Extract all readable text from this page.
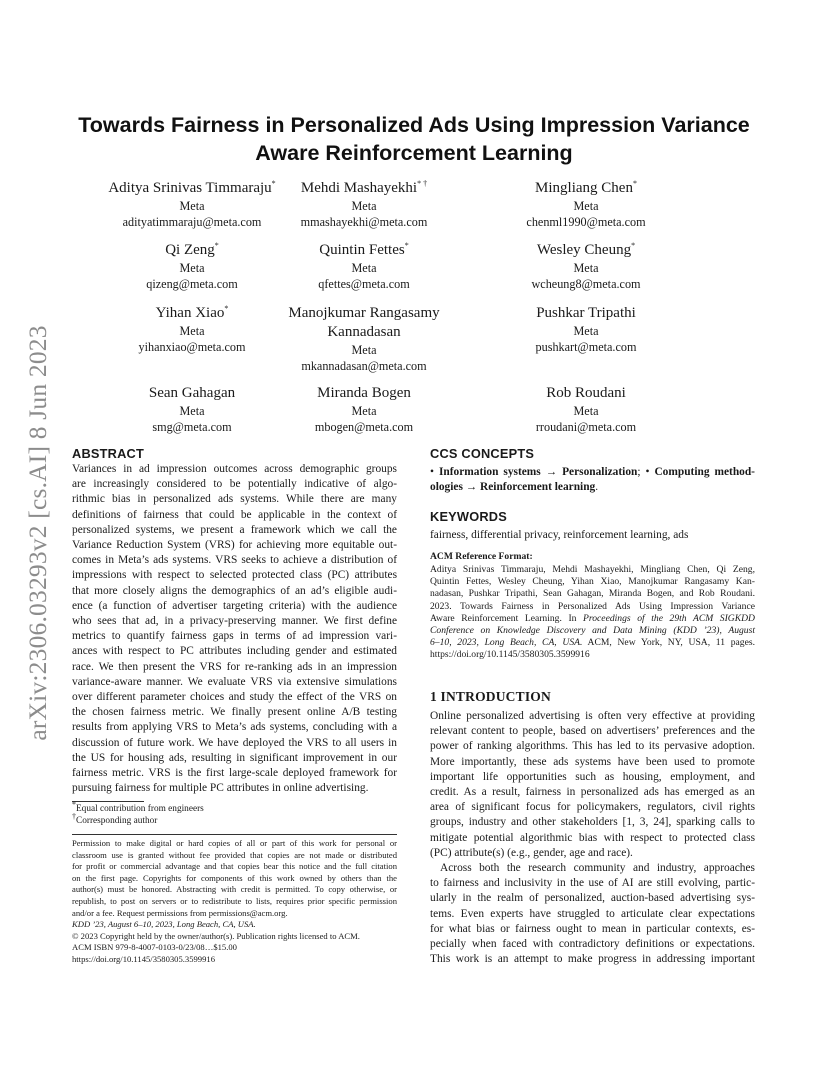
arXiv:2306.03293v2 [cs.AI] 8 Jun 2023
Towards Fairness in Personalized Ads Using Impression Variance
Aware Reinforcement Learning
Aditya Srinivas Timmaraju*
Meta
adityatimmaraju@meta.com
Mehdi Mashayekhi* †
Meta
mmashayekhi@meta.com
Mingliang Chen*
Meta
chenml1990@meta.com
Qi Zeng*
Meta
qizeng@meta.com
Quintin Fettes*
Meta
qfettes@meta.com
Wesley Cheung*
Meta
wcheung8@meta.com
Yihan Xiao*
Meta
yihanxiao@meta.com
Manojkumar Rangasamy
Kannadasan
Meta
mkannadasan@meta.com
Pushkar Tripathi
Meta
pushkart@meta.com
Sean Gahagan
Meta
smg@meta.com
Miranda Bogen
Meta
mbogen@meta.com
Rob Roudani
Meta
rroudani@meta.com
ABSTRACT
Variances in ad impression outcomes across demographic groups
are increasingly considered to be potentially indicative of algo-
rithmic bias in personalized ads systems. While there are many
definitions of fairness that could be applicable in the context of
personalized systems, we present a framework which we call the
Variance Reduction System (VRS) for achieving more equitable out-
comes in Meta’s ads systems. VRS seeks to achieve a distribution of
impressions with respect to selected protected class (PC) attributes
that more closely aligns the demographics of an ad’s eligible audi-
ence (a function of advertiser targeting criteria) with the audience
who sees that ad, in a privacy-preserving manner. We first define
metrics to quantify fairness gaps in terms of ad impression vari-
ances with respect to PC attributes including gender and estimated
race. We then present the VRS for re-ranking ads in an impression
variance-aware manner. We evaluate VRS via extensive simulations
over different parameter choices and study the effect of the VRS on
the chosen fairness metric. We finally present online A/B testing
results from applying VRS to Meta’s ads systems, concluding with a
discussion of future work. We have deployed the VRS to all users in
the US for housing ads, resulting in significant improvement in our
fairness metric. VRS is the first large-scale deployed framework for
pursuing fairness for multiple PC attributes in online advertising.
*Equal contribution from engineers
†Corresponding author
Permission to make digital or hard copies of all or part of this work for personal or
classroom use is granted without fee provided that copies are not made or distributed
for profit or commercial advantage and that copies bear this notice and the full citation
on the first page. Copyrights for components of this work owned by others than the
author(s) must be honored. Abstracting with credit is permitted. To copy otherwise, or
republish, to post on servers or to redistribute to lists, requires prior specific permission
and/or a fee. Request permissions from permissions@acm.org.
KDD ’23, August 6–10, 2023, Long Beach, CA, USA.
© 2023 Copyright held by the owner/author(s). Publication rights licensed to ACM.
ACM ISBN 979-8-4007-0103-0/23/08…$15.00
https://doi.org/10.1145/3580305.3599916
CCS CONCEPTS
• Information systems → Personalization; • Computing method-
ologies → Reinforcement learning.
KEYWORDS
fairness, differential privacy, reinforcement learning, ads
ACM Reference Format:
Aditya Srinivas Timmaraju, Mehdi Mashayekhi, Mingliang Chen, Qi Zeng,
Quintin Fettes, Wesley Cheung, Yihan Xiao, Manojkumar Rangasamy Kan-
nadasan, Pushkar Tripathi, Sean Gahagan, Miranda Bogen, and Rob Roudani.
2023. Towards Fairness in Personalized Ads Using Impression Variance
Aware Reinforcement Learning. In Proceedings of the 29th ACM SIGKDD
Conference on Knowledge Discovery and Data Mining (KDD ’23), August
6–10, 2023, Long Beach, CA, USA. ACM, New York, NY, USA, 11 pages.
https://doi.org/10.1145/3580305.3599916
1 INTRODUCTION
Online personalized advertising is often very effective at providing
relevant content to people, based on advertisers’ preferences and the
power of ranking algorithms. This has led to its pervasive adoption.
More importantly, these ads systems have been used to promote
important life opportunities such as housing, employment, and
credit. As a result, fairness in personalized ads has emerged as an
area of significant focus for policymakers, regulators, civil rights
groups, industry and other stakeholders [1, 3, 24], sparking calls to
mitigate potential algorithmic bias with respect to protected class
(PC) attribute(s) (e.g., gender, age and race).
Across both the research community and industry, approaches
to fairness and inclusivity in the use of AI are still evolving, partic-
ularly in the realm of personalized, auction-based advertising sys-
tems. Even experts have struggled to articulate clear expectations
for what bias or fairness ought to mean in particular contexts, es-
pecially when faced with contradictory definitions or expectations.
This work is an attempt to make progress in addressing important
